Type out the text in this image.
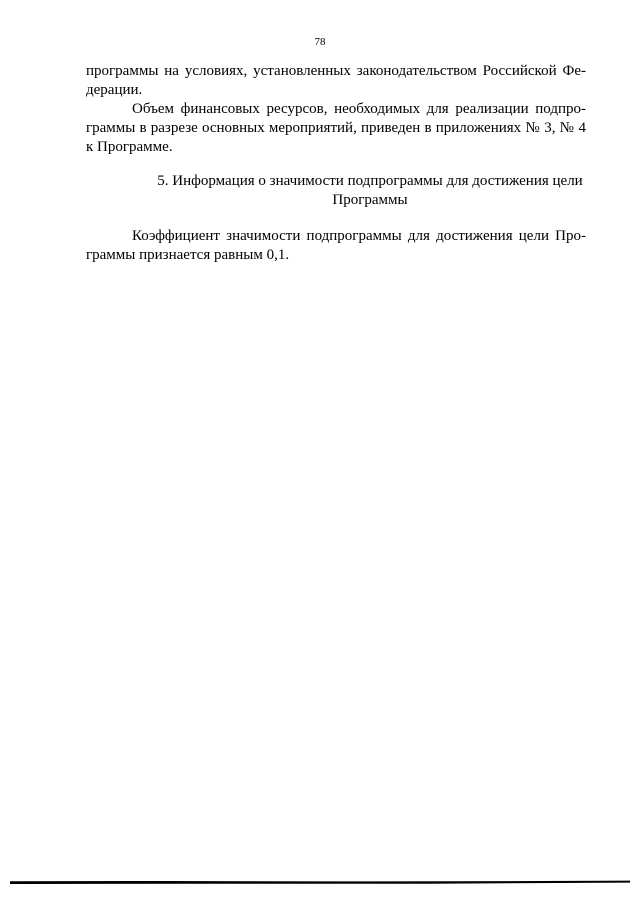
78
программы на условиях, установленных законодательством Российской Фе-
дерации.
Объем финансовых ресурсов, необходимых для реализации подпро-
граммы в разрезе основных мероприятий, приведен в приложениях № 3, № 4
к Программе.
5. Информация о значимости подпрограммы для достижения цели
Программы
Коэффициент значимости подпрограммы для достижения цели Про-
граммы признается равным 0,1.
